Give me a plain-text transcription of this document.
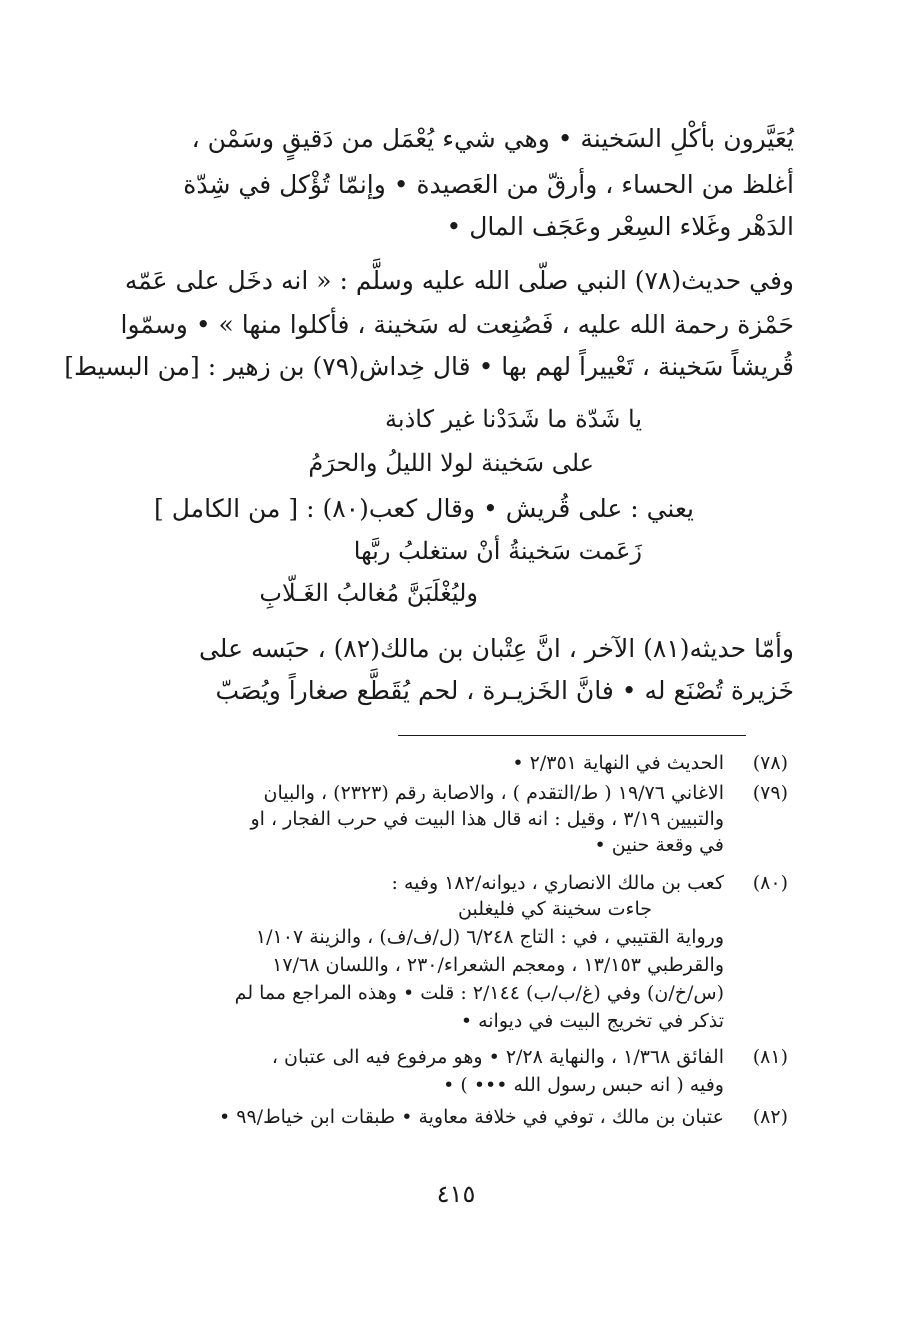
يُعَيَّرون بأكْلِ السَخينة • وهي شيء يُعْمَل من دَقيقٍ وسَمْن ،
أغلظ من الحساء ، وأرقّ من العَصيدة • وإنمّا تُؤْكل في شِدّة
الدَهْر وغَلاء السِعْر وعَجَف المال •
وفي حديث(٧٨) النبي صلّى الله عليه وسلَّم : « انه دخَل على عَمّه
حَمْزة رحمة الله عليه ، فَصُنِعت له سَخينة ، فأكلوا منها » • وسمّوا
قُريشاً سَخينة ، تَعْييراً لهم بها • قال خِداش(٧٩) بن زهير : [من البسيط]
يا شَدّة ما شَدَدْنا غير كاذبة
على سَخينة لولا الليلُ والحرَمُ
يعني : على قُريش • وقال كعب(٨٠) : [ من الكامل ]
زَعَمت سَخينةُ أنْ ستغلبُ ربَّها
وليُغْلَبَنَّ مُغالبُ الغَـلّابِ
وأمّا حديثه(٨١) الآخر ، انَّ عِتْبان بن مالك(٨٢) ، حبَسه على
خَزيرة تُصْنَع له • فانَّ الخَزيـرة ، لحم يُقَطَّع صغاراً ويُصَبّ
(٧٨)
الحديث في النهاية ٢/٣٥١ •
(٧٩)
الاغاني ١٩/٧٦ ( ط/التقدم ) ، والاصابة رقم (٢٣٢٣) ، والبيان
والتبيين ٣/١٩ ، وقيل : انه قال هذا البيت في حرب الفجار ، او
في وقعة حنين •
(٨٠)
كعب بن مالك الانصاري ، ديوانه/١٨٢ وفيه :
جاءت سخينة كي فليغلبن
ورواية القتيبي ، في : التاج ٦/٢٤٨ (ل/ف/ف) ، والزينة ١/١٠٧
والقرطبي ١٣/١٥٣ ، ومعجم الشعراء/٢٣٠ ، واللسان ١٧/٦٨
(س/خ/ن) وفي (غ/ب/ب) ٢/١٤٤ : قلت • وهذه المراجع مما لم
تذكر في تخريج البيت في ديوانه •
(٨١)
الفائق ١/٣٦٨ ، والنهاية ٢/٢٨ • وهو مرفوع فيه الى عتبان ،
وفيه ( انه حبس رسول الله ••• ) •
(٨٢)
عتبان بن مالك ، توفي في خلافة معاوية • طبقات ابن خياط/٩٩ •
٤١٥
